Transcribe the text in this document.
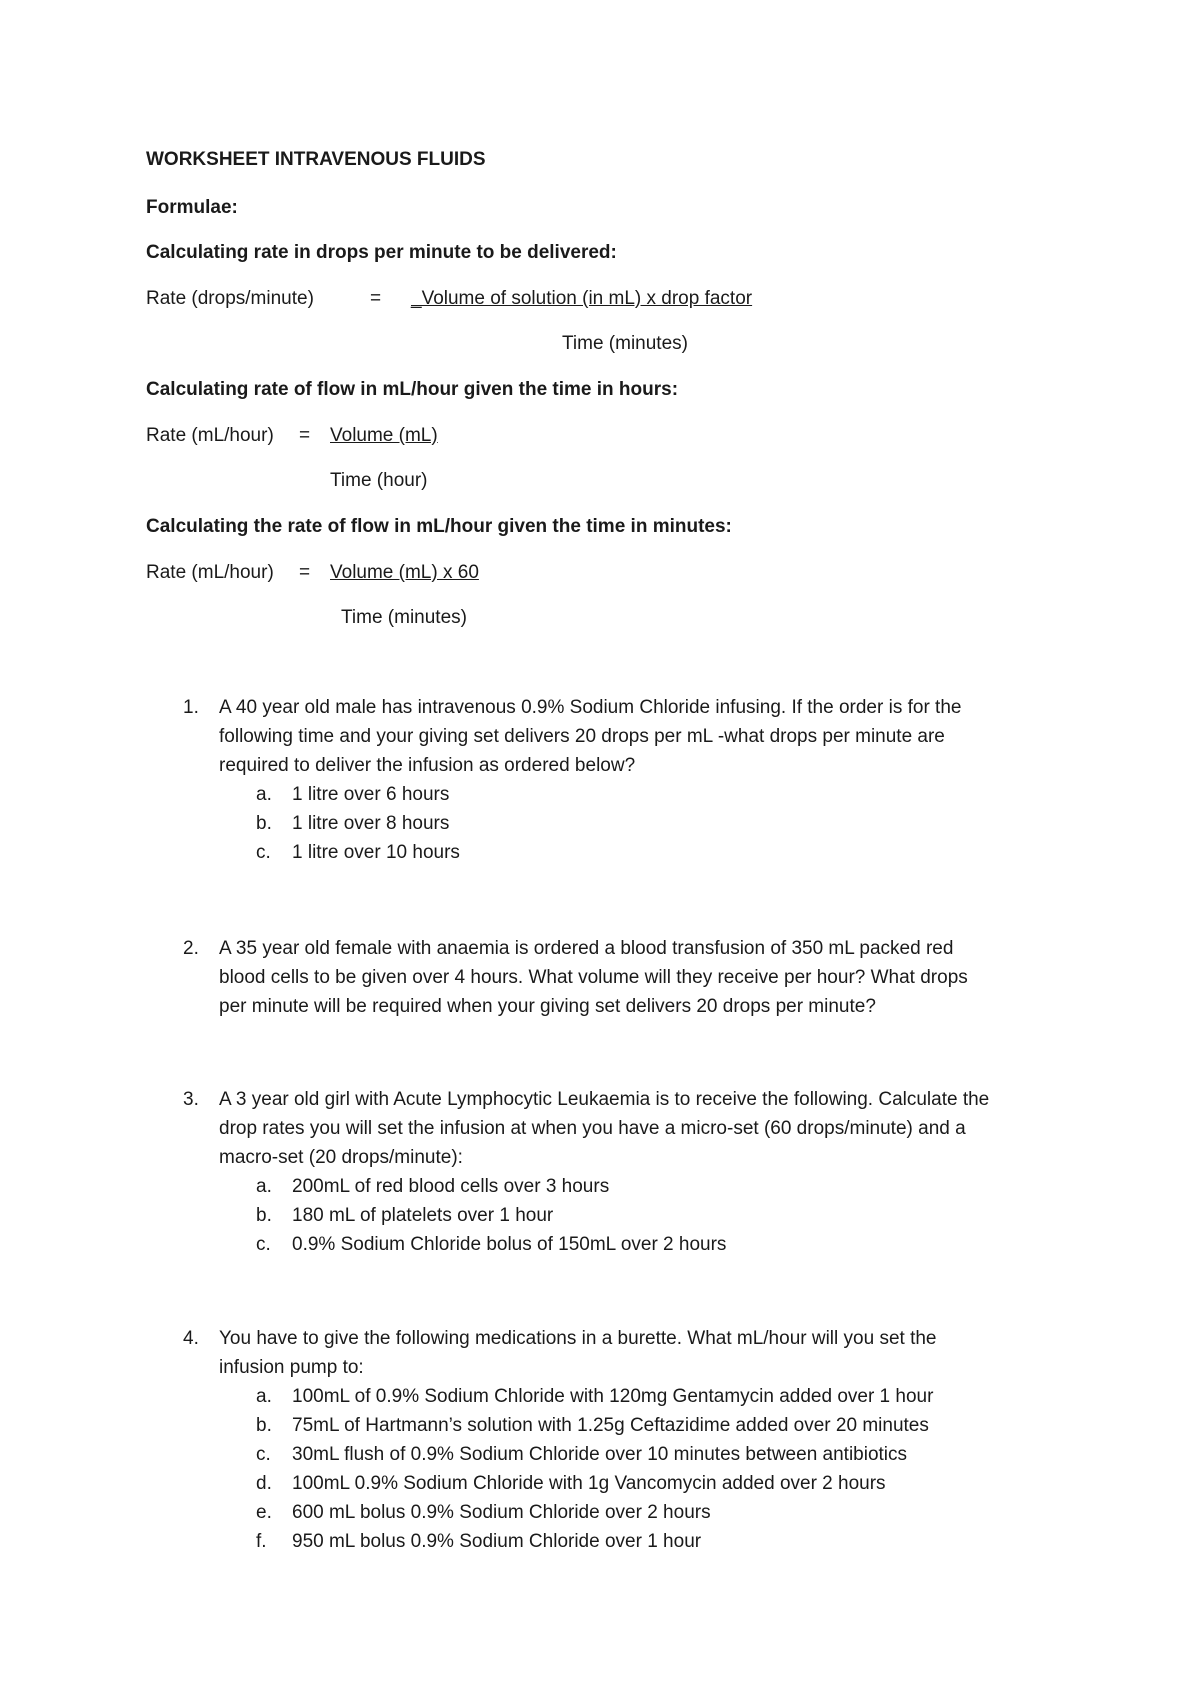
WORKSHEET INTRAVENOUS FLUIDS
Formulae:
Calculating rate in drops per minute to be delivered:
Rate (drops/minute)	= _Volume of solution (in mL) x drop factor
Time (minutes)
Calculating rate of flow in mL/hour given the time in hours:
Rate (mL/hour) = Volume (mL)
Time (hour)
Calculating the rate of flow in mL/hour given the time in minutes:
Rate (mL/hour) = Volume (mL) x 60
Time (minutes)
1. A 40 year old male has intravenous 0.9% Sodium Chloride infusing. If the order is for the

following time and your giving set delivers 20 drops per mL -what drops per minute are

required to deliver the infusion as ordered below?

a. 1 litre over 6 hours
b. 1 litre over 8 hours
c. 1 litre over 10 hours
2. A 35 year old female with anaemia is ordered a blood transfusion of 350 mL packed red

blood cells to be given over 4 hours. What volume will they receive per hour? What drops

per minute will be required when your giving set delivers 20 drops per minute?

3. A 3 year old girl with Acute Lymphocytic Leukaemia is to receive the following. Calculate the

drop rates you will set the infusion at when you have a micro-set (60 drops/minute) and a

macro-set (20 drops/minute):

a. 200mL of red blood cells over 3 hours
b. 180 mL of platelets over 1 hour
c. 0.9% Sodium Chloride bolus of 150mL over 2 hours
4. You have to give the following medications in a burette. What mL/hour will you set the

infusion pump to:

a. 100mL of 0.9% Sodium Chloride with 120mg Gentamycin added over 1 hour
b. 75mL of Hartmann’s solution with 1.25g Ceftazidime added over 20 minutes
c. 30mL flush of 0.9% Sodium Chloride over 10 minutes between antibiotics
d. 100mL 0.9% Sodium Chloride with 1g Vancomycin added over 2 hours
e. 600 mL bolus 0.9% Sodium Chloride over 2 hours
f. 950 mL bolus 0.9% Sodium Chloride over 1 hour
